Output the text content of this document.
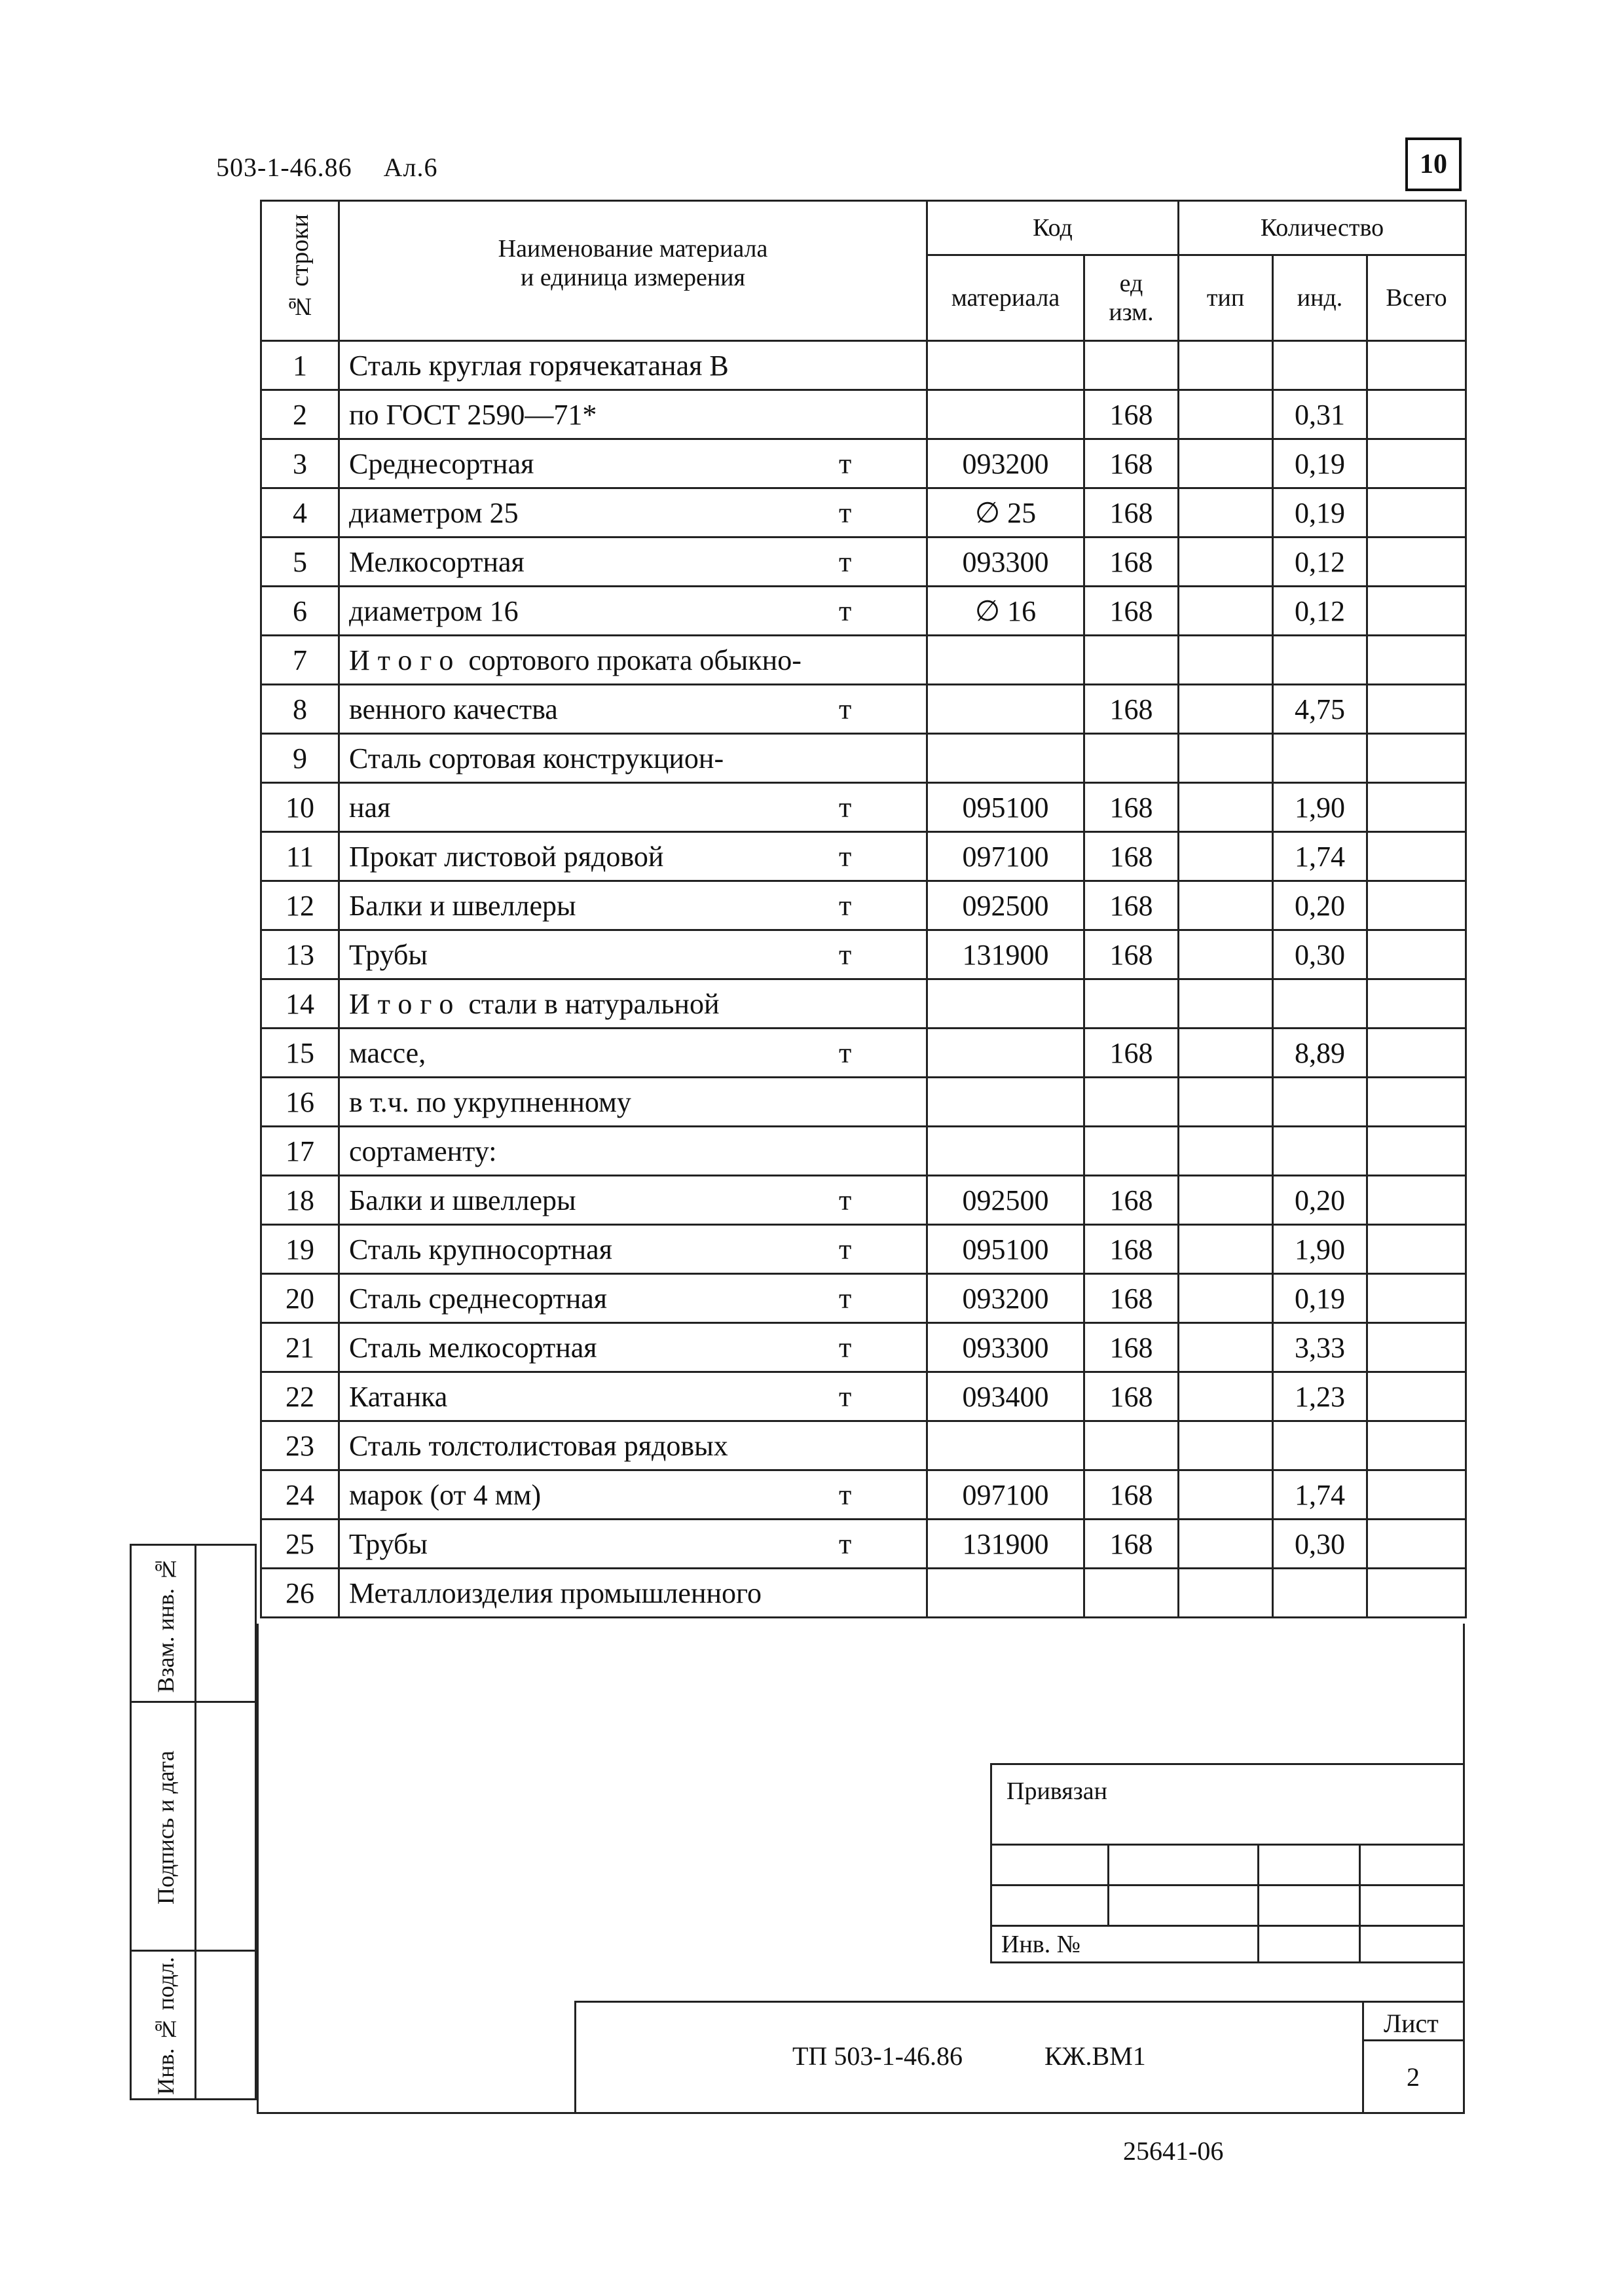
503-1-46.86 Ал.6	10
№ строки	Наименование материала
и единица измерения	Код		Количество		
		материала	ед изм.	тип	инд.	Всего
1	Сталь круглая горячекатаная В

2	по ГОСТ 2590—71*		168		0,31	
3	Среднесортная т	093200	168		0,19	
4	диаметром 25 т	∅ 25	168		0,19	
5	Мелкосортная т	093300	168		0,12	
6	диаметром 16 т	∅ 16	168		0,12	
7	Итого сортового проката обыкно-

8	венного качества т		168		4,75	
9	Сталь сортовая конструкцион-

10	ная т	095100	168		1,90	
11	Прокат листовой рядовой т	097100	168		1,74	
12	Балки и швеллеры т	092500	168		0,20	
13	Трубы т	131900	168		0,30	
14	Итого стали в натуральной

15	массе, т		168		8,89	
16	в т.ч. по укрупненному

17	сортаменту:

18	Балки и швеллеры т	092500	168		0,20	
19	Сталь крупносортная т	095100	168		1,90	
20	Сталь среднесортная т	093200	168		0,19	
21	Сталь мелкосортная т	093300	168		3,33	
22	Катанка т	093400	168		1,23	
23	Сталь толстолистовая рядовых

24	марок (от 4 мм) т	097100	168		1,74	
25	Трубы т	131900	168		0,30	
26	Металлоизделия промышленного

Взам. инв. №
Подпись и дата
Инв. № подл.
Привязан
Инв. №
ТП 503-1-46.86	КЖ.ВМ1
Лист
2
25641-06
